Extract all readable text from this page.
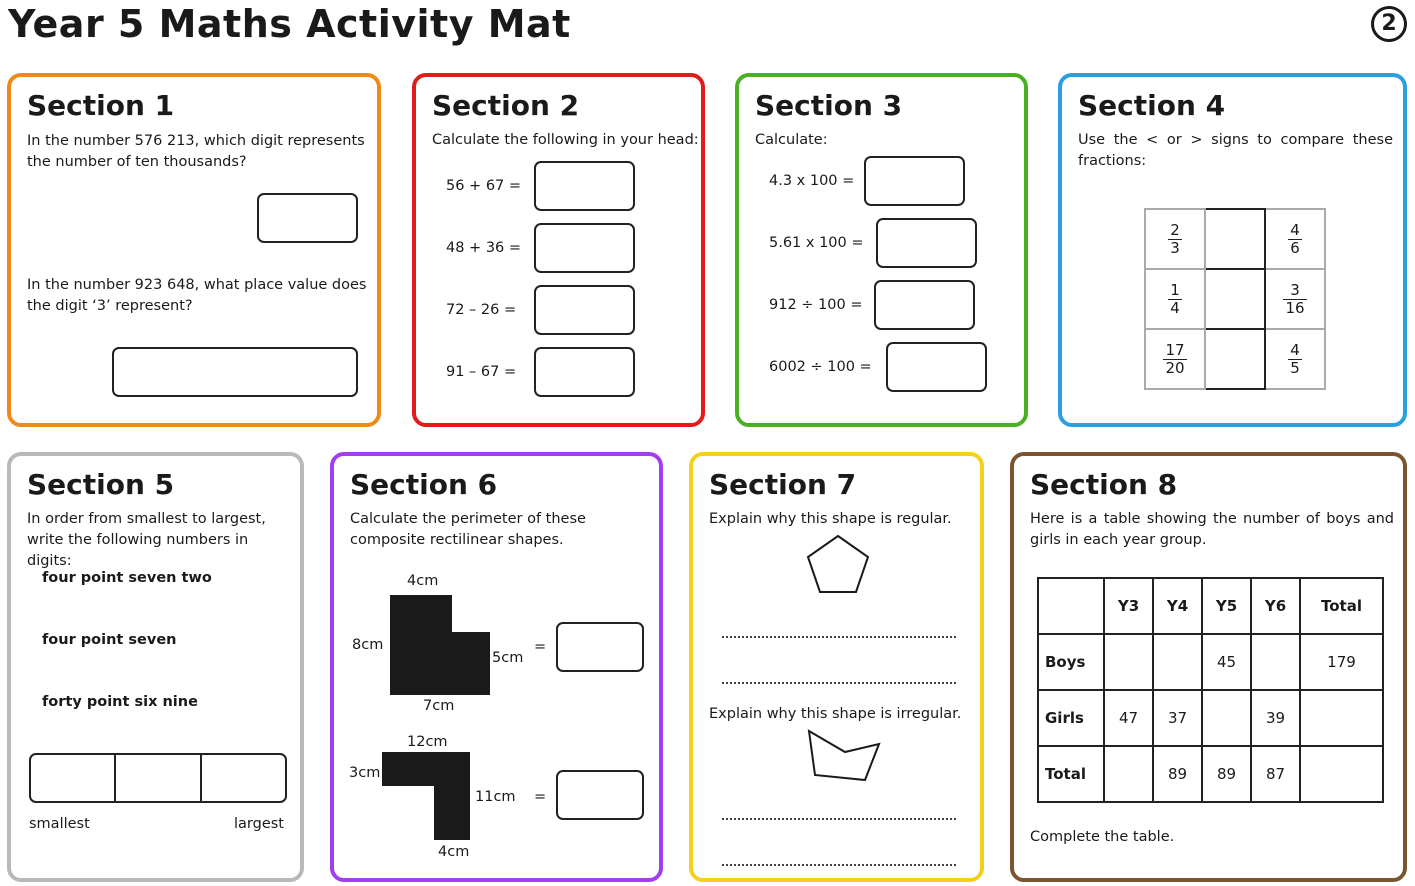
Year 5 Maths Activity Mat	2
Section 1
In the number 576 213, which digit represents the number of ten thousands?
In the number 923 648, what place value does the digit ‘3’ represent?
Section 2
Calculate the following in your head:
56 + 67 =
48 + 36 =
72 – 26 =
91 – 67 =
Section 3
Calculate:
4.3 x 100 =
5.61 x 100 =
912 ÷ 100 =
6002 ÷ 100 =
Section 4
Use the < or > signs to compare these fractions:
$\frac{2}{3}$		$\frac{4}{6}$

$\frac{1}{4}$		$\frac{3}{16}$

$\frac{17}{20}$		$\frac{4}{5}$
Section 5
In order from smallest to largest, write the following numbers in digits:
four point seven two
four point seven
forty point six nine
smallest	largest
Section 6
Calculate the perimeter of these composite rectilinear shapes.
4cm
8cm
5cm
7cm
=
12cm
3cm
11cm
4cm
=
Section 7
Explain why this shape is regular.
Explain why this shape is irregular.
Section 8
Here is a table showing the number of boys and girls in each year group.
	Y3	Y4	Y5	Y6	Total
Boys			45		179
Girls	47	37		39	
Total		89	89	87	
Complete the table.
